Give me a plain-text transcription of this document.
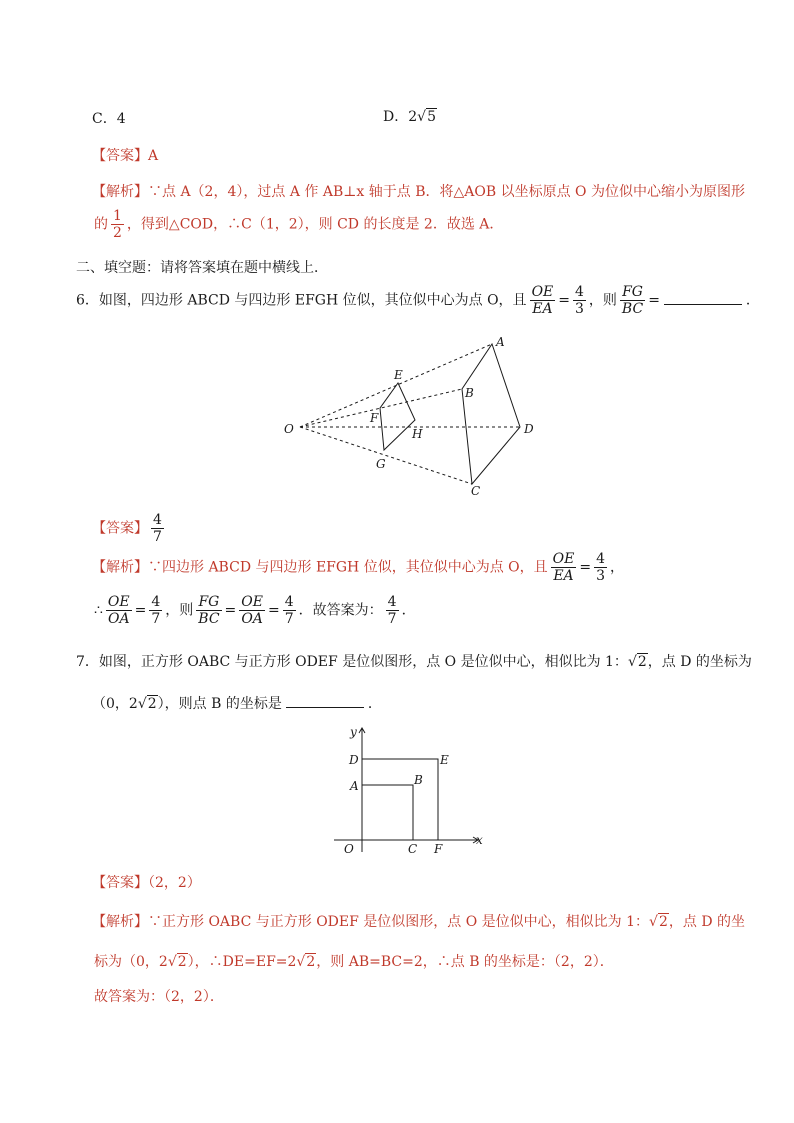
C．4	D．2√5
【答案】A
【解析】∵点 A（2，4），过点 A 作 AB⊥x 轴于点 B．将△AOB 以坐标原点 O 为位似中心缩小为原图形
的 $\frac{1}{2}$ ，得到△COD，∴C（1，2），则 CD 的长度是 2．故选 A．
二、填空题：请将答案填在题中横线上．
6．如图，四边形 ABCD 与四边形 EFGH 位似，其位似中心为点 O，且 $\frac{OE}{EA} = \frac{4}{3}$ ，则 $\frac{FG}{BC}$ =	．
O
A
B
C
D
E
F
G
H
【答案】 $\frac{4}{7}$
【解析】∵四边形 ABCD 与四边形 EFGH 位似，其位似中心为点 O，且 $\frac{OE}{EA} = \frac{4}{3}$ ，
∴ $\frac{OE}{OA} = \frac{4}{7}$ ，则 $\frac{FG}{BC} = \frac{OE}{OA} = \frac{4}{7}$ ．故答案为： $\frac{4}{7}$ ．
7．如图，正方形 OABC 与正方形 ODEF 是位似图形，点 O 是位似中心，相似比为 1：√2，点 D 的坐标为
（0，2√2），则点 B 的坐标是	．
y
x
O
A	B
C
D	E
F
【答案】（2，2）
【解析】∵正方形 OABC 与正方形 ODEF 是位似图形，点 O 是位似中心，相似比为 1：√2，点 D 的坐
标为（0，2√2），∴DE=EF=2√2，则 AB=BC=2，∴点 B 的坐标是：（2，2）．
故答案为：（2，2）．
